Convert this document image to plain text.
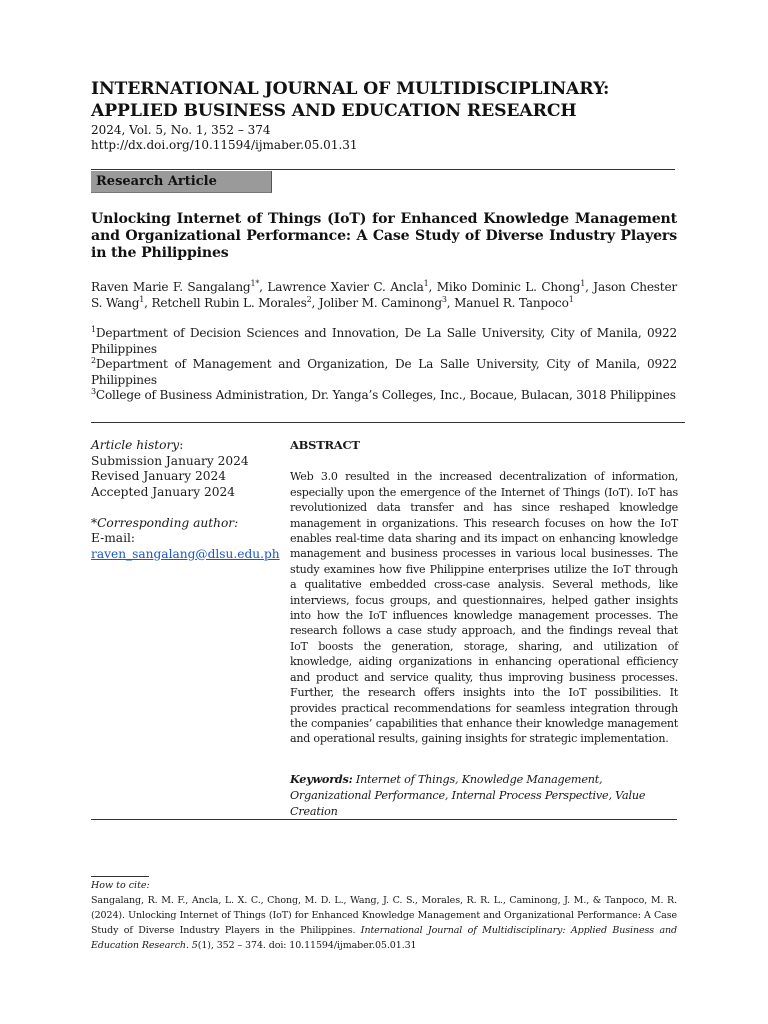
INTERNATIONAL JOURNAL OF MULTIDISCIPLINARY: APPLIED BUSINESS AND EDUCATION RESEARCH
2024, Vol. 5, No. 1, 352 – 374
http://dx.doi.org/10.11594/ijmaber.05.01.31
Research Article
Unlocking Internet of Things (IoT) for Enhanced Knowledge Management and Organizational Performance: A Case Study of Diverse Industry Players in the Philippines
Raven Marie F. Sangalang$^{1*}$, Lawrence Xavier C. Ancla$^1$, Miko Dominic L. Chong$^1$, Jason Chester S. Wang$^1$, Retchell Rubin L. Morales$^2$, Joliber M. Caminong$^3$, Manuel R. Tanpoco$^1$
$^1$Department of Decision Sciences and Innovation, De La Salle University, City of Manila, 0922 Philippines
$^2$Department of Management and Organization, De La Salle University, City of Manila, 0922 Philippines
$^3$College of Business Administration, Dr. Yanga’s Colleges, Inc., Bocaue, Bulacan, 3018 Philippines
Article history:
Submission January 2024
Revised January 2024
Accepted January 2024
*Corresponding author:
E-mail:
raven_sangalang@dlsu.edu.ph
ABSTRACT
Web 3.0 resulted in the increased decentralization of information, especially upon the emergence of the Internet of Things (IoT). IoT has revolutionized data transfer and has since reshaped knowledge management in organizations. This research focuses on how the IoT enables real-time data sharing and its impact on enhancing knowledge management and business processes in various local businesses. The study examines how five Philippine enterprises utilize the IoT through a qualitative embedded cross-case analysis. Several methods, like interviews, focus groups, and questionnaires, helped gather insights into how the IoT influences knowledge management processes. The research follows a case study approach, and the findings reveal that IoT boosts the generation, storage, sharing, and utilization of knowledge, aiding organizations in enhancing operational efficiency and product and service quality, thus improving business processes. Further, the research offers insights into the IoT possibilities. It provides practical recommendations for seamless integration through the companies’ capabilities that enhance their knowledge management and operational results, gaining insights for strategic implementation.
Keywords: Internet of Things, Knowledge Management, Organizational Performance, Internal Process Perspective, Value Creation
How to cite:
Sangalang, R. M. F., Ancla, L. X. C., Chong, M. D. L., Wang, J. C. S., Morales, R. R. L., Caminong, J. M., & Tanpoco, M. R. (2024). Unlocking Internet of Things (IoT) for Enhanced Knowledge Management and Organizational Performance: A Case Study of Diverse Industry Players in the Philippines. International Journal of Multidisciplinary: Applied Business and Education Research. 5(1), 352 – 374. doi: 10.11594/ijmaber.05.01.31
